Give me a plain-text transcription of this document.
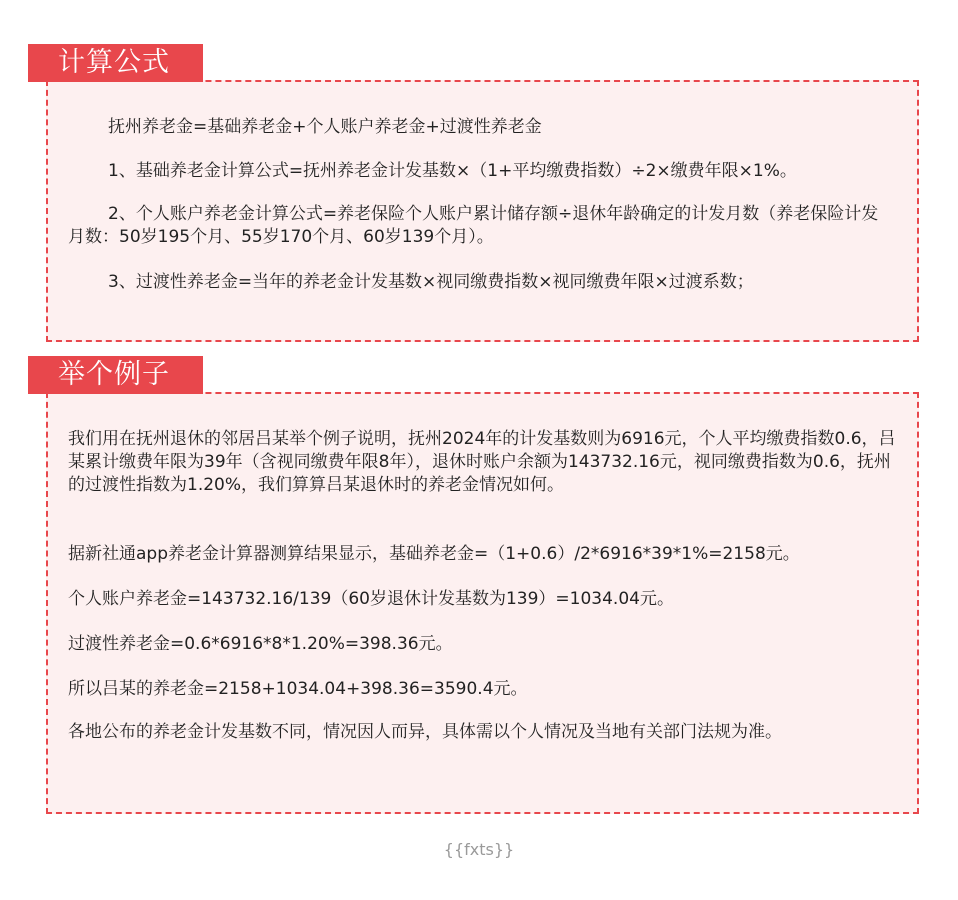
计算公式

抚州养老金=基础养老金+个人账户养老金+过渡性养老金

1、基础养老金计算公式=抚州养老金计发基数×（1+平均缴费指数）÷2×缴费年限×1%。

2、个人账户养老金计算公式=养老保险个人账户累计储存额÷退休年龄确定的计发月数（养老保险计发月数：50岁195个月、55岁170个月、60岁139个月）。

3、过渡性养老金=当年的养老金计发基数×视同缴费指数×视同缴费年限×过渡系数；

举个例子

我们用在抚州退休的邻居吕某举个例子说明，抚州2024年的计发基数则为6916元，个人平均缴费指数0.6，吕某累计缴费年限为39年（含视同缴费年限8年），退休时账户余额为143732.16元，视同缴费指数为0.6，抚州的过渡性指数为1.20%，我们算算吕某退休时的养老金情况如何。

据新社通app养老金计算器测算结果显示，基础养老金=（1+0.6）/2*6916*39*1%=2158元。

个人账户养老金=143732.16/139（60岁退休计发基数为139）=1034.04元。

过渡性养老金=0.6*6916*8*1.20%=398.36元。

所以吕某的养老金=2158+1034.04+398.36=3590.4元。

各地公布的养老金计发基数不同，情况因人而异，具体需以个人情况及当地有关部门法规为准。

{{fxts}}
